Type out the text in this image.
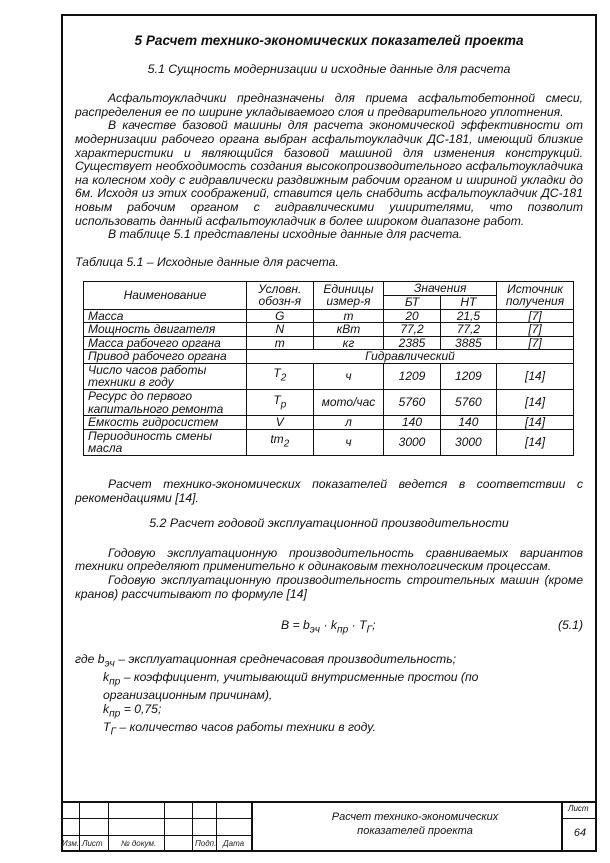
5 Расчет технико-экономических показателей проекта
5.1 Сущность модернизации и исходные данные для расчета

Асфальтоукладчики предназначены для приема асфальтобетонной смеси, распределения ее по ширине укладываемого слоя и предварительного уплотнения.

В качестве базовой машины для расчета экономической эффективности от модернизации рабочего органа выбран асфальтоукладчик ДС-181, имеющий близкие характеристики и являющийся базовой машиной для изменения конструкций. Существует необходимость создания высокопроизводительного асфальтоукладчика на колесном ходу с гидравлически раздвижным рабочим органом и шириной укладки до 6м. Исходя из этих соображений, ставится цель снабдить асфальтоукладчик ДС-181 новым рабочим органом с гидравлическими уширителями, что позволит использовать данный асфальтоукладчик в более широком диапазоне работ.

В таблице 5.1 представлены исходные данные для расчета.

Таблица 5.1 – Исходные данные для расчета.

Наименование	Условн. обозн-я	Единицы измер-я	Значения		Источник получения
			БТ	НТ	
Масса	G	т	20	21,5	[7]
Мощность двигателя	N	кВт	77,2	77,2	[7]
Масса рабочего органа	m	кг	2385	3885	[7]
Привод рабочего органа	Гидравлический				
Число часов работы техники в году	$T_2$	ч	1209	1209	[14]
Ресурс до первого капитального ремонта	$T_р$	мото/час	5760	5760	[14]
Емкость гидросистем	V	л	140	140	[14]
Периодиность смены масла	$tm_2$	ч	3000	3000	[14]

Расчет технико-экономических показателей ведется в соответствии с рекомендациями [14].

5.2 Расчет годовой эксплуатационной производительности

Годовую эксплуатационную производительность сравниваемых вариантов техники определяют применительно к одинаковым технологическим процессам.

Годовую эксплуатационную производительность строительных машин (кроме кранов) рассчитывают по формуле [14]

$B = b_{эч} \cdot k_{пр} \cdot T_Г$;	(5.1)

где $b_{эч}$ – эксплуатационная среднечасовая производительность;

$k_{пр}$ – коэффициент, учитывающий внутрисменные простои (по организационным причинам),

$k_{пр} = 0,75$;

$T_Г$ – количество часов работы техники в году.

Изм. Лист № докум.	Подп. Дата
Расчет технико-экономических показателей проекта
Лист
64
